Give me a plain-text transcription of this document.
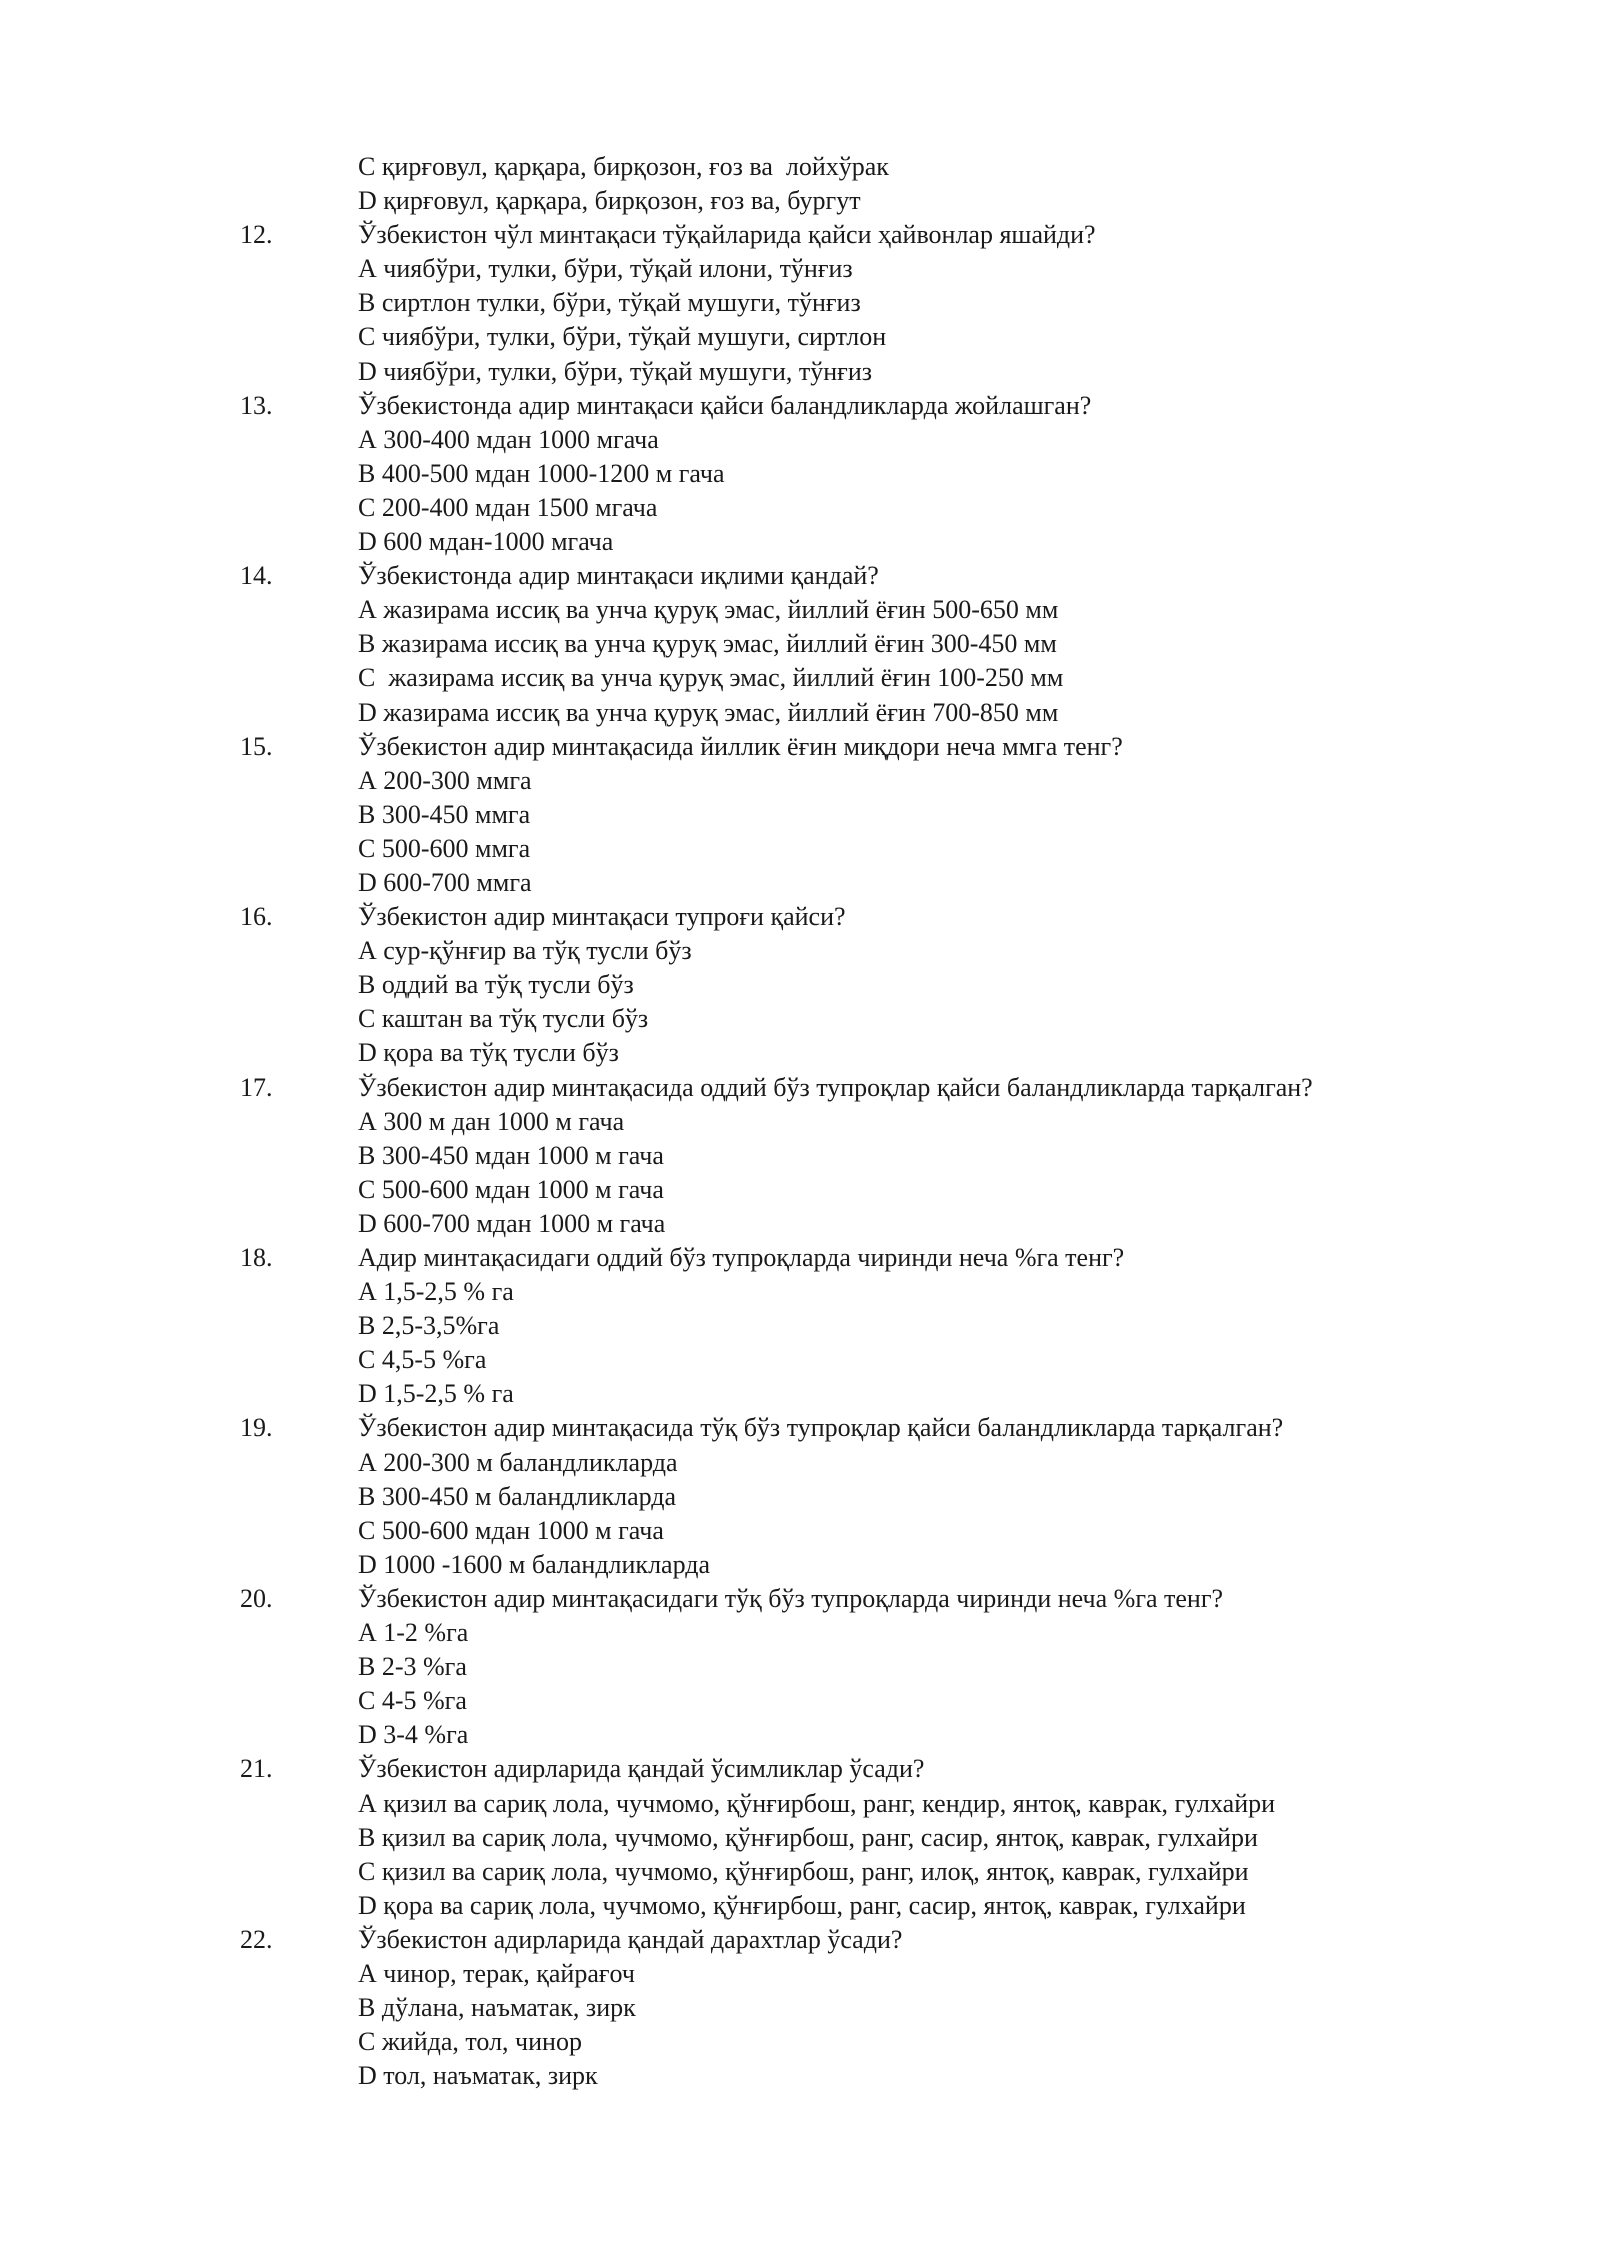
C қирғовул, қарқара, бирқозон, ғоз ва  лойхўрак
D қирғовул, қарқара, бирқозон, ғоз ва, бургут
12.	Ўзбекистон чўл минтақаси тўқайларида қайси ҳайвонлар яшайди?
А чиябўри, тулки, бўри, тўқай илони, тўнғиз
В сиртлон тулки, бўри, тўқай мушуги, тўнғиз
С чиябўри, тулки, бўри, тўқай мушуги, сиртлон
D чиябўри, тулки, бўри, тўқай мушуги, тўнғиз
13.	Ўзбекистонда адир минтақаси қайси баландликларда жойлашган?
А 300-400 мдан 1000 мгача
В 400-500 мдан 1000-1200 м гача
С 200-400 мдан 1500 мгача
D 600 мдан-1000 мгача
14.	Ўзбекистонда адир минтақаси иқлими қандай?
А жазирама иссиқ ва унча қуруқ эмас, йиллий ёғин 500-650 мм
В жазирама иссиқ ва унча қуруқ эмас, йиллий ёғин 300-450 мм
С  жазирама иссиқ ва унча қуруқ эмас, йиллий ёғин 100-250 мм
D жазирама иссиқ ва унча қуруқ эмас, йиллий ёғин 700-850 мм
15.	Ўзбекистон адир минтақасида йиллик ёғин миқдори неча ммга тенг?
А 200-300 ммга
В 300-450 ммга
С 500-600 ммга
D 600-700 ммга
16.	Ўзбекистон адир минтақаси тупроғи қайси?
А сур-қўнғир ва тўқ тусли бўз
В оддий ва тўқ тусли бўз
С каштан ва тўқ тусли бўз
D қора ва тўқ тусли бўз
17.	Ўзбекистон адир минтақасида оддий бўз тупроқлар қайси баландликларда тарқалган?
А 300 м дан 1000 м гача
В 300-450 мдан 1000 м гача
С 500-600 мдан 1000 м гача
D 600-700 мдан 1000 м гача
18.	Адир минтақасидаги оддий бўз тупроқларда чиринди неча %га тенг?
А 1,5-2,5 % га
В 2,5-3,5%га
С 4,5-5 %га
D 1,5-2,5 % га
19.	Ўзбекистон адир минтақасида тўқ бўз тупроқлар қайси баландликларда тарқалган?
А 200-300 м баландликларда
В 300-450 м баландликларда
С 500-600 мдан 1000 м гача
D 1000 -1600 м баландликларда
20.	Ўзбекистон адир минтақасидаги тўқ бўз тупроқларда чиринди неча %га тенг?
А 1-2 %га
В 2-3 %га
С 4-5 %га
D 3-4 %га
21.	Ўзбекистон адирларида қандай ўсимликлар ўсади?
А қизил ва сариқ лола, чучмомо, қўнғирбош, ранг, кендир, янтоқ, каврак, гулхайри
В қизил ва сариқ лола, чучмомо, қўнғирбош, ранг, сасир, янтоқ, каврак, гулхайри
С қизил ва сариқ лола, чучмомо, қўнғирбош, ранг, илоқ, янтоқ, каврак, гулхайри
D қора ва сариқ лола, чучмомо, қўнғирбош, ранг, сасир, янтоқ, каврак, гулхайри
22.	Ўзбекистон адирларида қандай дарахтлар ўсади?
А чинор, терак, қайрағоч
В дўлана, наъматак, зирк
С жийда, тол, чинор
D тол, наъматак, зирк
